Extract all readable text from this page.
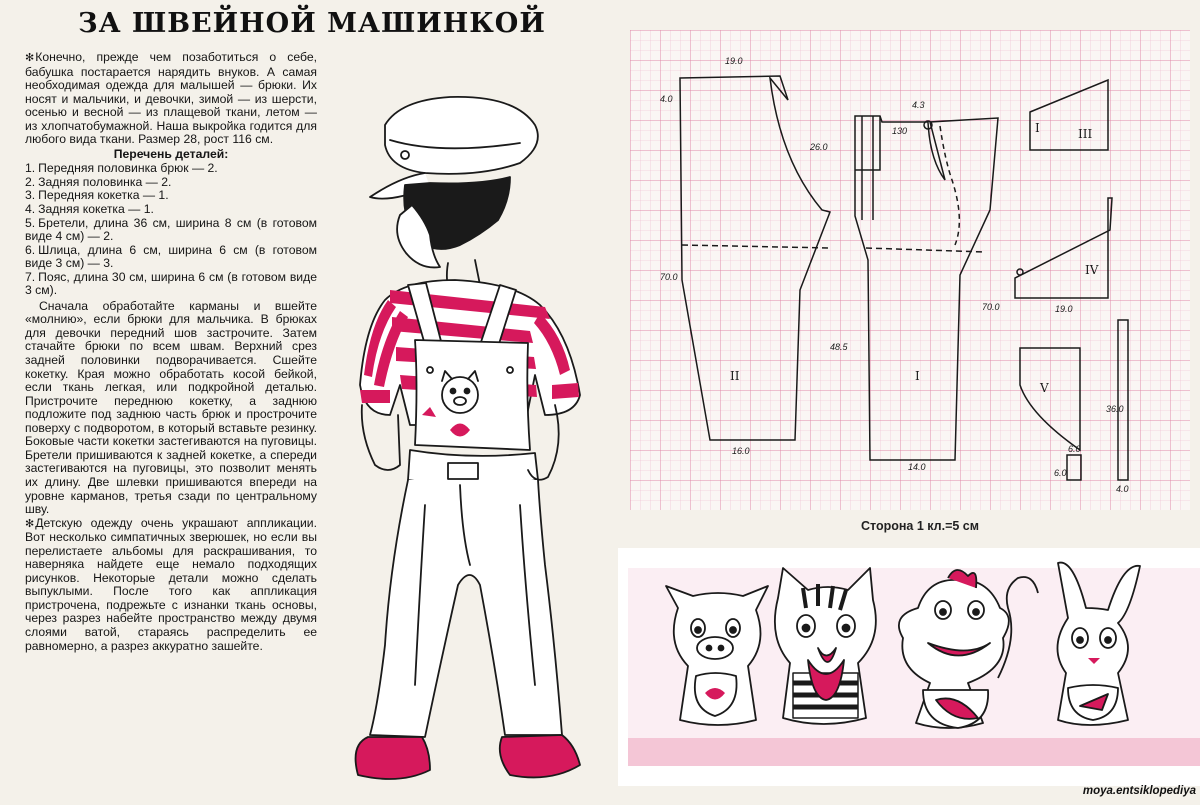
ЗА ШВЕЙНОЙ МАШИНКОЙ

✻ Конечно, прежде чем позаботиться о себе, бабушка постарается нарядить внуков. А самая необходимая одежда для малышей — брюки. Их носят и мальчики, и девочки, зимой — из шерсти, осенью и весной — из плащевой ткани, летом — из хлопчатобумажной. Наша выкройка годится для любого вида ткани. Размер 28, рост 116 см.

Перечень деталей:

1. Передняя половинка брюк — 2.
2. Задняя половинка — 2.
3. Передняя кокетка — 1.
4. Задняя кокетка — 1.
5. Бретели, длина 36 см, ширина 8 см (в готовом виде 4 см) — 2.
6. Шлица, длина 6 см, ширина 6 см (в готовом виде 3 см) — 3.
7. Пояс, длина 30 см, ширина 6 см (в готовом виде 3 см).

Сначала обработайте карманы и вшейте «молнию», если брюки для мальчика. В брюках для девочки передний шов застрочите. Затем стачайте брюки по всем швам. Верхний срез задней половинки подворачивается. Сшейте кокетку. Края можно обработать косой бейкой, если ткань легкая, или подкройной деталью. Пристрочите переднюю кокетку, а заднюю подложите под заднюю часть брюк и прострочите поверху с подворотом, в который вставьте резинку. Боковые части кокетки застегиваются на пуговицы. Бретели пришиваются к задней кокетке, а спереди застегиваются на пуговицы, это позволит менять их длину. Две шлевки пришиваются впереди на уровне карманов, третья сзади по центральному шву.

✻ Детскую одежду очень украшают аппликации. Вот несколько симпатичных зверюшек, но если вы перелистаете альбомы для раскрашивания, то наверняка найдете еще немало подходящих рисунков. Некоторые детали можно сделать выпуклыми. После того как аппликация пристрочена, подрежьте с изнанки ткань основы, через разрез набейте пространство между двумя слоями ватой, стараясь распределить ее равномерно, а разрез аккуратно зашейте.

19.0
4.0
26.0
70.0
48.5
16.0
4.3
130
70.0
14.0
19.0
36.0
4.0
6.0
6.0
II	I
III
I
IV
V
Сторона 1 кл.=5 см
moya.entsiklopediya
